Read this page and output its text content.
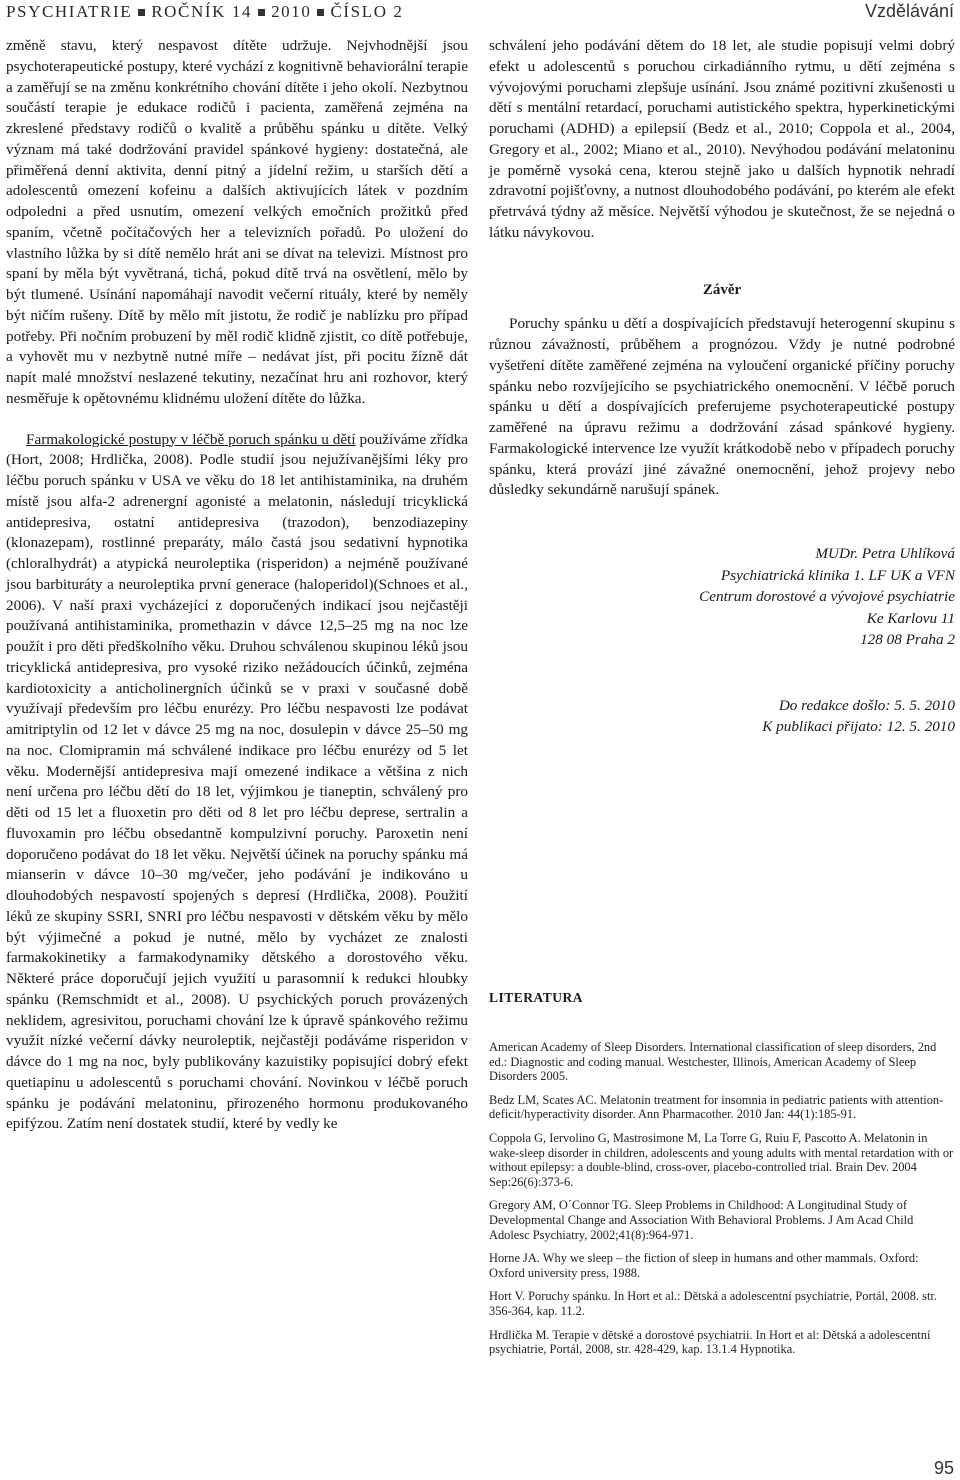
PSYCHIATRIE ROČNÍK 14 2010 ČÍSLO 2	Vzdělávání

změně stavu, který nespavost dítěte udržuje. Nejvhodnější jsou psychoterapeutické postupy, které vychází z kognitivně behaviorální terapie a zaměřují se na změnu konkrétního chování dítěte i jeho okolí. Nezbytnou součástí terapie je edukace rodičů i pacienta, zaměřená zejména na zkreslené představy rodičů o kvalitě a průběhu spánku u dítěte. Velký význam má také dodržování pravidel spánkové hygieny: dostatečná, ale přiměřená denní aktivita, denní pitný a jídelní režim, u starších dětí a adolescentů omezení kofeinu a dalších aktivujících látek v pozdním odpoledni a před usnutím, omezení velkých emočních prožitků před spaním, včetně počítačových her a televizních pořadů. Po uložení do vlastního lůžka by si dítě nemělo hrát ani se dívat na televizi. Místnost pro spaní by měla být vyvětraná, tichá, pokud dítě trvá na osvětlení, mělo by být tlumené. Usínání napomáhají navodit večerní rituály, které by neměly být ničím rušeny. Dítě by mělo mít jistotu, že rodič je nablízku pro případ potřeby. Při nočním probuzení by měl rodič klidně zjistit, co dítě potřebuje, a vyhovět mu v nezbytně nutné míře – nedávat jíst, při pocitu žízně dát napít malé množství neslazené tekutiny, nezačínat hru ani rozhovor, který nesměřuje k opětovnému klidnému uložení dítěte do lůžka.

Farmakologické postupy v léčbě poruch spánku u dětí používáme zřídka (Hort, 2008; Hrdlička, 2008). Podle studií jsou nejužívanějšími léky pro léčbu poruch spánku v USA ve věku do 18 let antihistaminika, na druhém místě jsou alfa-2 adrenergní agonisté a melatonin, následují tricyklická antidepresiva, ostatní antidepresiva (trazodon), benzodiazepiny (klonazepam), rostlinné preparáty, málo častá jsou sedativní hypnotika (chloralhydrát) a atypická neuroleptika (risperidon) a nejméně používané jsou barbituráty a neuroleptika první generace (haloperidol)(Schnoes et al., 2006). V naší praxi vycházející z doporučených indikací jsou nejčastěji používaná antihistaminika, promethazin v dávce 12,5–25 mg na noc lze použít i pro děti předškolního věku. Druhou schválenou skupinou léků jsou tricyklická antidepresiva, pro vysoké riziko nežádoucích účinků, zejména kardiotoxicity a anticholinergních účinků se v praxi v současné době využívají především pro léčbu enurézy. Pro léčbu nespavosti lze podávat amitriptylin od 12 let v dávce 25 mg na noc, dosulepin v dávce 25–50 mg na noc. Clomipramin má schválené indikace pro léčbu enurézy od 5 let věku. Modernější antidepresiva mají omezené indikace a většina z nich není určena pro léčbu dětí do 18 let, výjimkou je tianeptin, schválený pro děti od 15 let a fluoxetin pro děti od 8 let pro léčbu deprese, sertralin a fluvoxamin pro léčbu obsedantně kompulzivní poruchy. Paroxetin není doporučeno podávat do 18 let věku. Největší účinek na poruchy spánku má mianserin v dávce 10–30 mg/večer, jeho podávání je indikováno u dlouhodobých nespavostí spojených s depresí (Hrdlička, 2008). Použití léků ze skupiny SSRI, SNRI pro léčbu nespavosti v dětském věku by mělo být výjimečné a pokud je nutné, mělo by vycházet ze znalosti farmakokinetiky a farmakodynamiky dětského a dorostového věku. Některé práce doporučují jejich využití u parasomnií k redukci hloubky spánku (Remschmidt et al., 2008). U psychických poruch provázených neklidem, agresivitou, poruchami chování lze k úpravě spánkového režimu využít nízké večerní dávky neuroleptik, nejčastěji podáváme risperidon v dávce do 1 mg na noc, byly publikovány kazuistiky popisující dobrý efekt quetiapinu u adolescentů s poruchami chování. Novinkou v léčbě poruch spánku je podávání melatoninu, přirozeného hormonu produkovaného epifýzou. Zatím není dostatek studií, které by vedly ke

schválení jeho podávání dětem do 18 let, ale studie popisují velmi dobrý efekt u adolescentů s poruchou cirkadiánního rytmu, u dětí zejména s vývojovými poruchami zlepšuje usínání. Jsou známé pozitivní zkušenosti u dětí s mentální retardací, poruchami autistického spektra, hyperkinetickými poruchami (ADHD) a epilepsií (Bedz et al., 2010; Coppola et al., 2004, Gregory et al., 2002; Miano et al., 2010). Nevýhodou podávání melatoninu je poměrně vysoká cena, kterou stejně jako u dalších hypnotik nehradí zdravotní pojišťovny, a nutnost dlouhodobého podávání, po kterém ale efekt přetrvává týdny až měsíce. Největší výhodou je skutečnost, že se nejedná o látku návykovou.

Závěr

Poruchy spánku u dětí a dospívajících představují heterogenní skupinu s různou závažností, průběhem a prognózou. Vždy je nutné podrobné vyšetření dítěte zaměřené zejména na vyloučení organické příčiny poruchy spánku nebo rozvíjejícího se psychiatrického onemocnění. V léčbě poruch spánku u dětí a dospívajících preferujeme psychoterapeutické postupy zaměřené na úpravu režimu a dodržování zásad spánkové hygieny. Farmakologické intervence lze využít krátkodobě nebo v případech poruchy spánku, která provází jiné závažné onemocnění, jehož projevy nebo důsledky sekundárně narušují spánek.

MUDr. Petra Uhlíková
Psychiatrická klinika 1. LF UK a VFN
Centrum dorostové a vývojové psychiatrie
Ke Karlovu 11
128 08 Praha 2
Do redakce došlo: 5. 5. 2010
K publikaci přijato: 12. 5. 2010
LITERATURA
American Academy of Sleep Disorders. International classification of sleep disorders, 2nd ed.: Diagnostic and coding manual. Westchester, Illinois, American Academy of Sleep Disorders 2005.
Bedz LM, Scates AC. Melatonin treatment for insomnia in pediatric patients with attention-deficit/hyperactivity disorder. Ann Pharmacother. 2010 Jan: 44(1):185-91.
Coppola G, Iervolino G, Mastrosimone M, La Torre G, Ruiu F, Pascotto A. Melatonin in wake-sleep disorder in children, adolescents and young adults with mental retardation with or without epilepsy: a double-blind, cross-over, placebo-controlled trial. Brain Dev. 2004 Sep:26(6):373-6.
Gregory AM, O´Connor TG. Sleep Problems in Childhood: A Longitudinal Study of Developmental Change and Association With Behavioral Problems. J Am Acad Child Adolesc Psychiatry, 2002;41(8):964-971.
Horne JA. Why we sleep – the fiction of sleep in humans and other mammals. Oxford: Oxford university press, 1988.
Hort V. Poruchy spánku. In Hort et al.: Dětská a adolescentní psychiatrie, Portál, 2008. str. 356-364, kap. 11.2.
Hrdlička M. Terapie v dětské a dorostové psychiatrii. In Hort et al: Dětská a adolescentní psychiatrie, Portál, 2008, str. 428-429, kap. 13.1.4 Hypnotika.
95
